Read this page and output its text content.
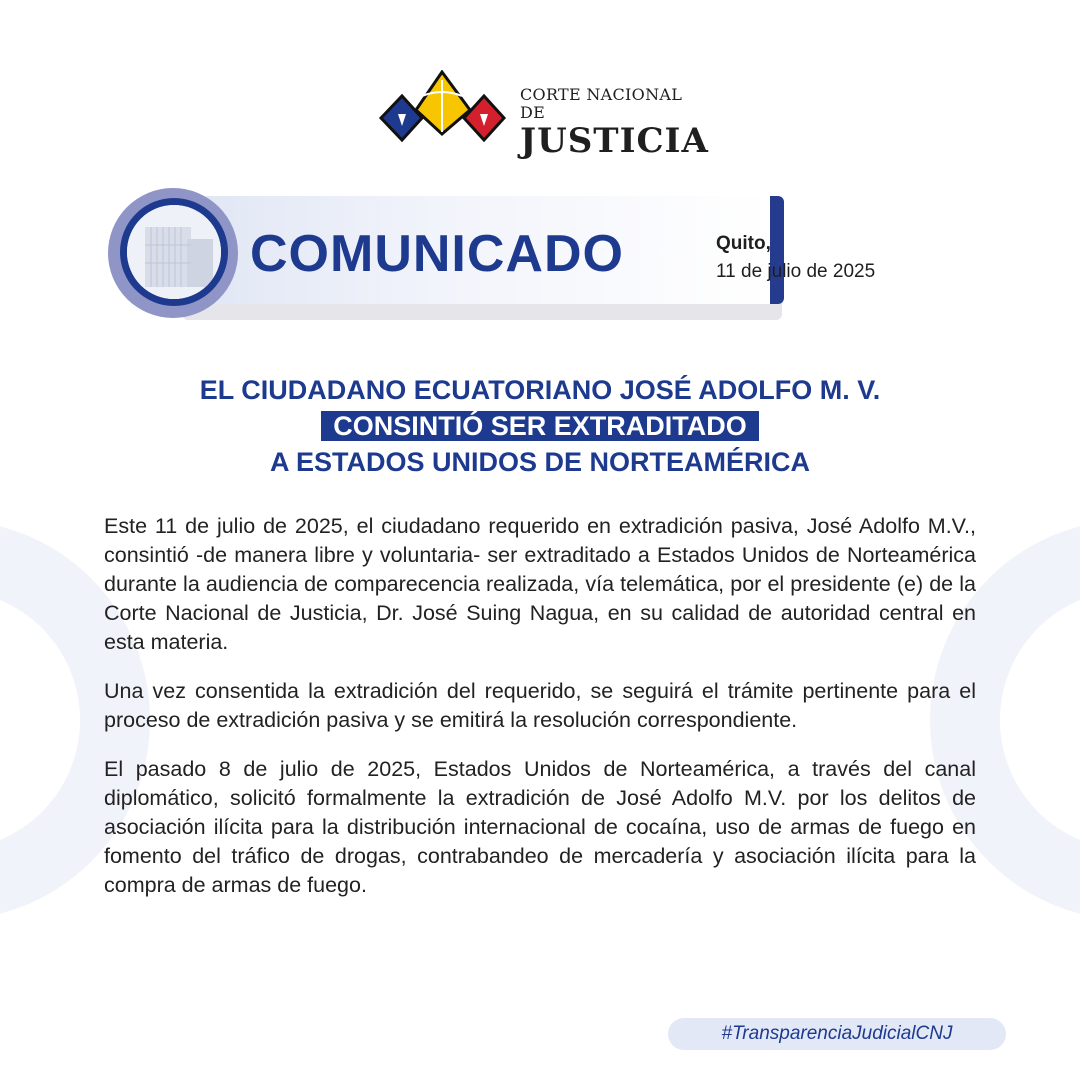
CORTE NACIONAL DE
JUSTICIA
COMUNICADO	Quito,
11 de julio de 2025
EL CIUDADANO ECUATORIANO JOSÉ ADOLFO M. V.
CONSINTIÓ SER EXTRADITADO
A ESTADOS UNIDOS DE NORTEAMÉRICA

Este 11 de julio de 2025, el ciudadano requerido en extradición pasiva, José Adolfo M.V., consintió -de manera libre y voluntaria- ser extraditado a Estados Unidos de Norteamérica durante la audiencia de comparecencia realizada, vía telemática, por el presidente (e) de la Corte Nacional de Justicia, Dr. José Suing Nagua, en su calidad de autoridad central en esta materia.

Una vez consentida la extradición del requerido, se seguirá el trámite pertinente para el proceso de extradición pasiva y se emitirá la resolución correspondiente.

El pasado 8 de julio de 2025, Estados Unidos de Norteamérica, a través del canal diplomático, solicitó formalmente la extradición de José Adolfo M.V. por los delitos de asociación ilícita para la distribución internacional de cocaína, uso de armas de fuego en fomento del tráfico de drogas, contrabandeo de mercadería y asociación ilícita para la compra de armas de fuego.

#TransparenciaJudicialCNJ
